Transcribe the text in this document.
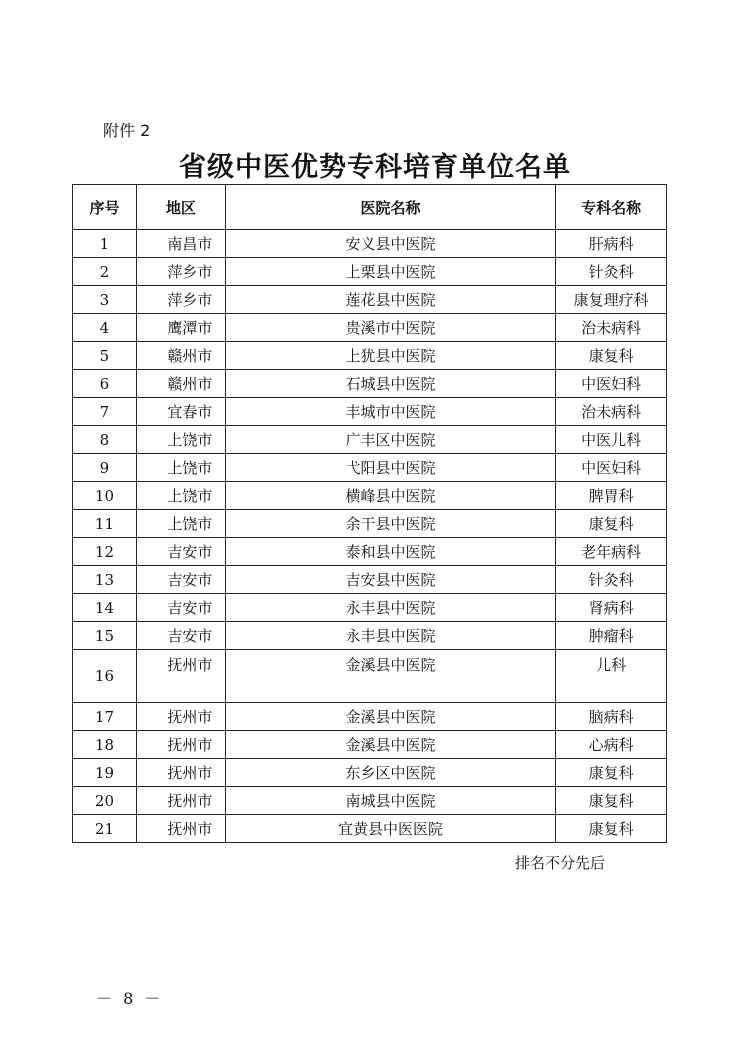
附件 2
省级中医优势专科培育单位名单
序号	地区	医院名称	专科名称
1	南昌市	安义县中医院	肝病科
2	萍乡市	上栗县中医院	针灸科
3	萍乡市	莲花县中医院	康复理疗科
4	鹰潭市	贵溪市中医院	治未病科
5	赣州市	上犹县中医院	康复科
6	赣州市	石城县中医院	中医妇科
7	宜春市	丰城市中医院	治未病科
8	上饶市	广丰区中医院	中医儿科
9	上饶市	弋阳县中医院	中医妇科
10	上饶市	横峰县中医院	脾胃科
11	上饶市	余干县中医院	康复科
12	吉安市	泰和县中医院	老年病科
13	吉安市	吉安县中医院	针灸科
14	吉安市	永丰县中医院	肾病科
15	吉安市	永丰县中医院	肿瘤科
16	抚州市	金溪县中医院	儿科
17	抚州市	金溪县中医院	脑病科
18	抚州市	金溪县中医院	心病科
19	抚州市	东乡区中医院	康复科
20	抚州市	南城县中医院	康复科
21	抚州市	宜黄县中医医院	康复科
排名不分先后
－ 8 －
